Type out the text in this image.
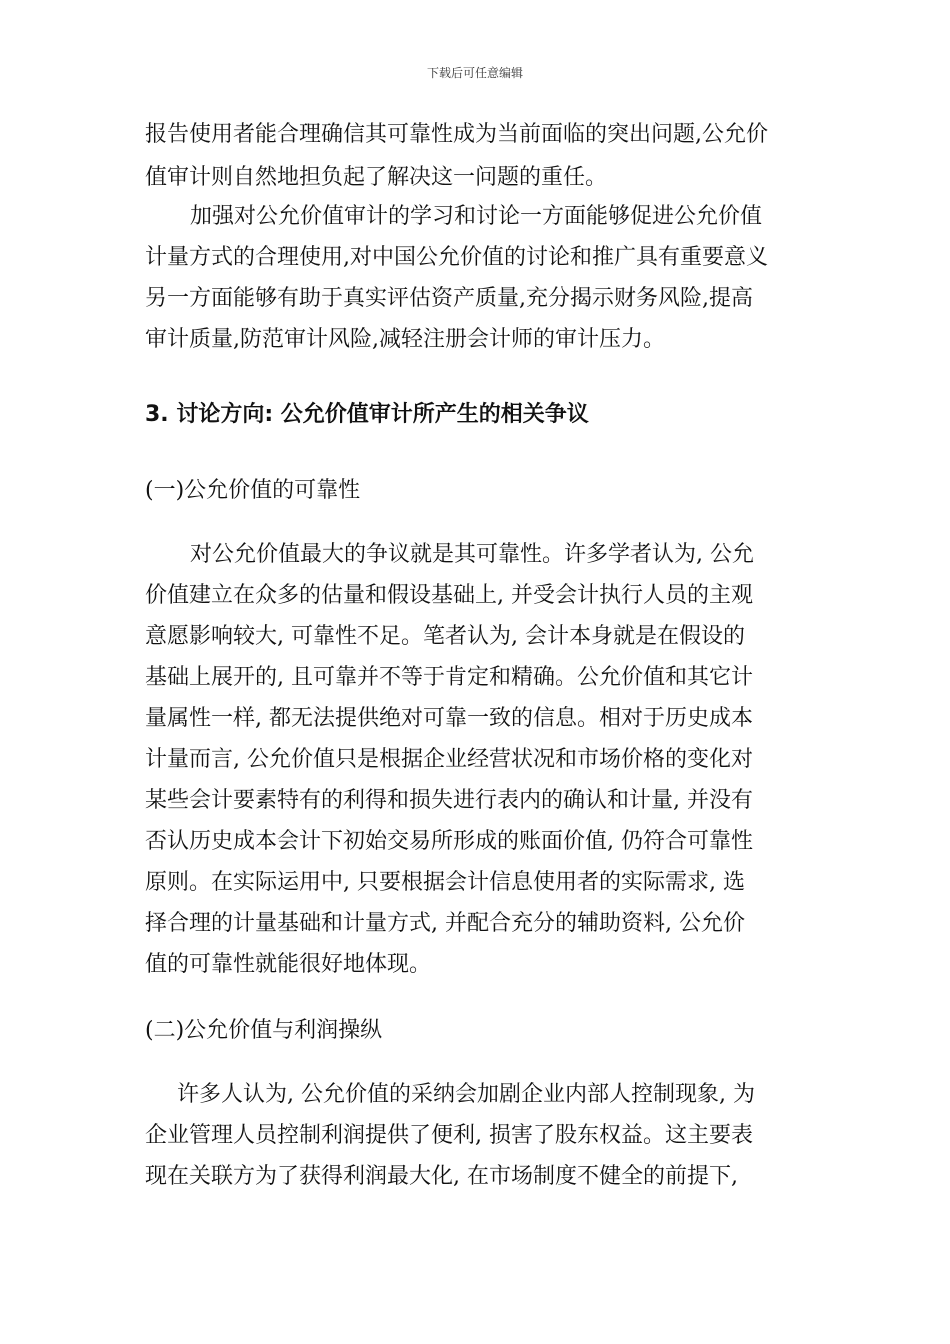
下载后可任意编辑
报告使用者能合理确信其可靠性成为当前面临的突出问题,公允价
值审计则自然地担负起了解决这一问题的重任。
加强对公允价值审计的学习和讨论一方面能够促进公允价值
计量方式的合理使用,对中国公允价值的讨论和推广具有重要意义
另一方面能够有助于真实评估资产质量,充分揭示财务风险,提高
审计质量,防范审计风险,减轻注册会计师的审计压力。
3. 讨论方向: 公允价值审计所产生的相关争议
(一)公允价值的可靠性
对公允价值最大的争议就是其可靠性。许多学者认为, 公允
价值建立在众多的估量和假设基础上, 并受会计执行人员的主观
意愿影响较大, 可靠性不足。笔者认为, 会计本身就是在假设的
基础上展开的, 且可靠并不等于肯定和精确。公允价值和其它计
量属性一样, 都无法提供绝对可靠一致的信息。相对于历史成本
计量而言, 公允价值只是根据企业经营状况和市场价格的变化对
某些会计要素特有的利得和损失进行表内的确认和计量, 并没有
否认历史成本会计下初始交易所形成的账面价值, 仍符合可靠性
原则。在实际运用中, 只要根据会计信息使用者的实际需求, 选
择合理的计量基础和计量方式, 并配合充分的辅助资料, 公允价
值的可靠性就能很好地体现。
(二)公允价值与利润操纵
许多人认为, 公允价值的采纳会加剧企业内部人控制现象, 为
企业管理人员控制利润提供了便利, 损害了股东权益。这主要表
现在关联方为了获得利润最大化, 在市场制度不健全的前提下,
